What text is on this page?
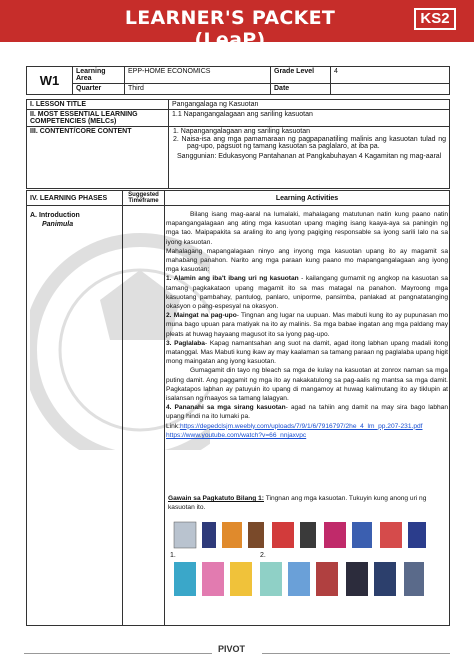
LEARNER'S PACKET (LeaP)
KS2
W1	Learning Area	EPP-HOME ECONOMICS	Grade Level	4
	Quarter	Third	Date	
I. LESSON TITLE	Pangangalaga ng Kasuotan
II. MOST ESSENTIAL LEARNING COMPETENCIES (MELCs)	1.1 Napangangalagaan ang sariling kasuotan
III. CONTENT/CORE CONTENT	1. Napangangalagaan ang sariling kasuotan
2. Naisa-isa ang mga pamamaraan ng pagpapanatiling malinis ang kasuotan tulad ng pag-upo, pagsuot ng tamang kasuotan sa paglalaro, at iba pa.
Sanggunian: Edukasyong Pantahanan at Pangkabuhayan 4 Kagamitan ng mag-aaral
IV. LEARNING PHASES	Suggested Timeframe	Learning Activities

A. Introduction
Panimula

Bilang isang mag-aaral na lumalaki, mahalagang matutunan natin kung paano natin mapangangalagaan ang ating mga kasuotan upang maging isang kaaya-aya sa paningin ng mga tao. Maipapakita sa araling ito ang iyong pagiging responsable sa iyong sarili lalo na sa iyong kasuotan.

Mahalagang mapangalagaan ninyo ang inyong mga kasuotan upang ito ay magamit sa mahabang panahon. Narito ang mga paraan kung paano mo mapangangalagaan ang iyong mga kasuotan:

1. Alamin ang iba't ibang uri ng kasuotan - kailangang gumamit ng angkop na kasuotan sa tamang pagkakataon upang magamit ito sa mas matagal na panahon. Mayroong mga kasuotang pambahay, pantulog, panlaro, uniporme, pansimba, panlakad at pangnatatanging okasyon o pang-espesyal na okasyon.

2. Maingat na pag-upo- Tingnan ang lugar na uupuan. Mas mabuti kung ito ay pupunasan mo muna bago upuan para matiyak na ito ay malinis. Sa mga babae ingatan ang mga paldang may pleats at huwag hayaang magusot ito sa iyong pag-upo.

3. Paglalaba- Kapag namantsahan ang suot na damit, agad itong labhan upang madali itong matanggal. Mas Mabuti kung ikaw ay may kaalaman sa tamang paraan ng paglalaba upang higit mong maingatan ang iyong kasuotan.

Gumagamit din tayo ng bleach sa mga de kulay na kasuotan at zonrox naman sa mga puting damit. Ang paggamit ng mga ito ay nakakatulong sa pag-aalis ng mantsa sa mga damit. Pagkatapos labhan ay patuyuin ito upang di mangamoy at huwag kalimutang ito ay tiklupin at isalansan ng maayos sa tamang lalagyan.

4. Pananahi sa mga sirang kasuotan- agad na tahiin ang damit na may sira bago labhan upang hindi na ito lumaki pa.

Link:https://depedclsjm.weebly.com/uploads/7/9/1/6/7916797/2he_4_lm_pp.207-231.pdf

https://www.youtube.com/watch?v=66_nnjaxvpc

Gawain sa Pagkatuto Bilang 1: Tingnan ang mga kasuotan. Tukuyin kung anong uri ng kasuotan ito.
1.	2.
PIVOT
